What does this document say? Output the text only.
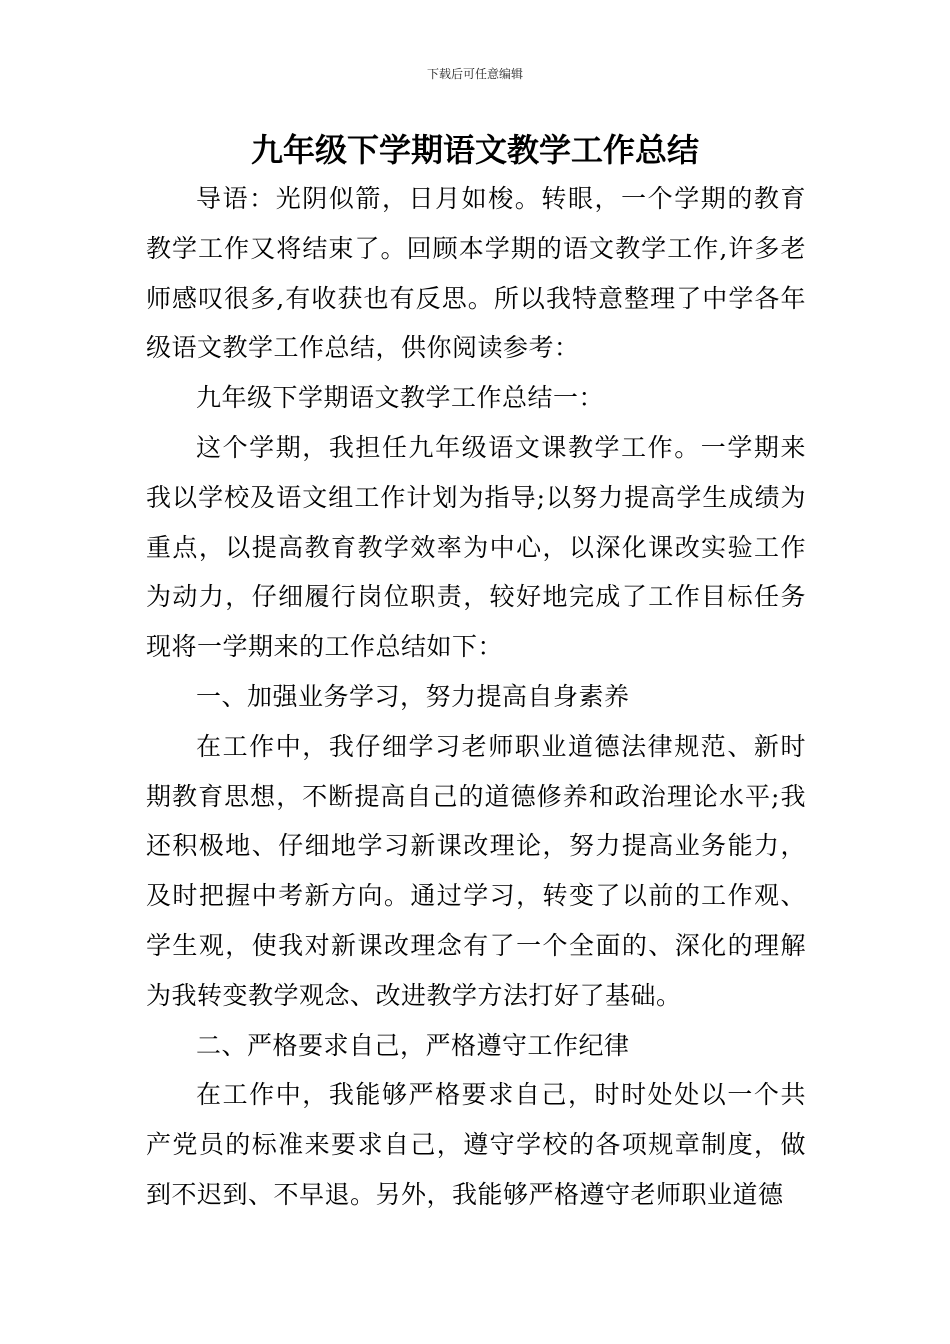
下载后可任意编辑
九年级下学期语文教学工作总结

导语：光阴似箭，日月如梭。转眼，一个学期的教育教学工作又将结束了。回顾本学期的语文教学工作,许多老师感叹很多,有收获也有反思。所以我特意整理了中学各年级语文教学工作总结，供你阅读参考：

九年级下学期语文教学工作总结一：

这个学期，我担任九年级语文课教学工作。一学期来我以学校及语文组工作计划为指导;以努力提高学生成绩为重点，以提高教育教学效率为中心，以深化课改实验工作为动力，仔细履行岗位职责，较好地完成了工作目标任务现将一学期来的工作总结如下：

一、加强业务学习，努力提高自身素养

在工作中，我仔细学习老师职业道德法律规范、新时期教育思想，不断提高自己的道德修养和政治理论水平;我还积极地、仔细地学习新课改理论，努力提高业务能力，及时把握中考新方向。通过学习，转变了以前的工作观、学生观，使我对新课改理念有了一个全面的、深化的理解为我转变教学观念、改进教学方法打好了基础。

二、严格要求自己，严格遵守工作纪律

在工作中，我能够严格要求自己，时时处处以一个共产党员的标准来要求自己，遵守学校的各项规章制度，做到不迟到、不早退。另外，我能够严格遵守老师职业道德
